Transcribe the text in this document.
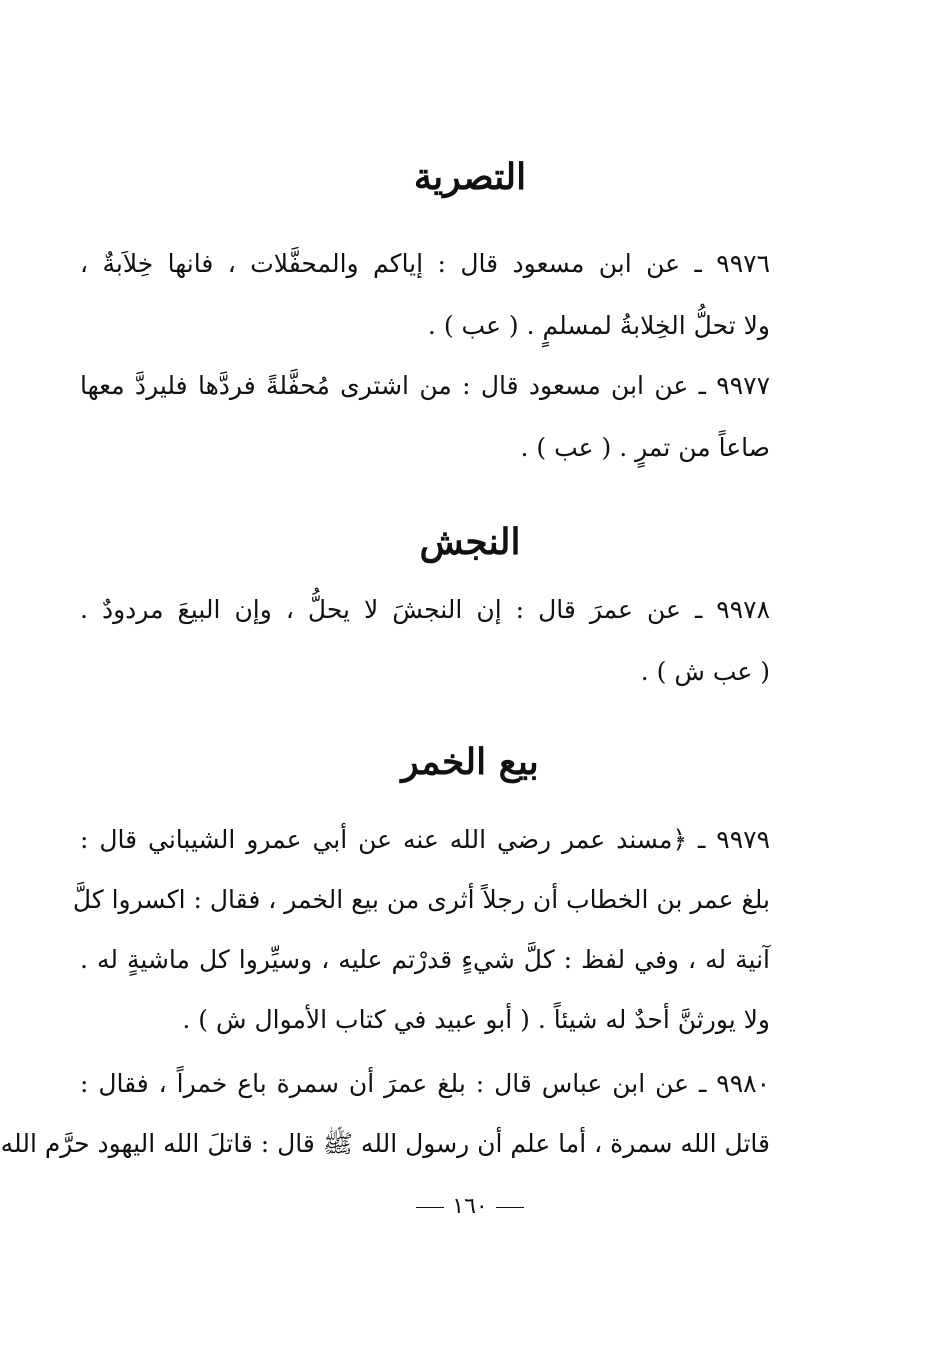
التصرية
٩٩٧٦ ـ عن ابن مسعود قال : إياكم والمحفَّلات ، فانها خِلاَبةٌ ،
ولا تحلُّ الخِلابةُ لمسلمٍ . ( عب ) .
٩٩٧٧ ـ عن ابن مسعود قال : من اشترى مُحفَّلةً فردَّها فليردَّ معها
صاعاً من تمرٍ . ( عب ) .
النجش
٩٩٧٨ ـ عن عمرَ قال : إن النجشَ لا يحلُّ ، وإن البيعَ مردودٌ .
( عب ش ) .
بيع الخمر
٩٩٧٩ ـ ﴿مسند عمر رضي الله عنه عن أبي عمرو الشيباني قال :
بلغ عمر بن الخطاب أن رجلاً أثرى من بيع الخمر ، فقال : اكسروا كلَّ
آنية له ، وفي لفظ : كلَّ شيءٍ قدرْتم عليه ، وسيِّروا كل ماشيةٍ له .
ولا يورثنَّ أحدٌ له شيئاً . ( أبو عبيد في كتاب الأموال ش ) .
٩٩٨٠ ـ عن ابن عباس قال : بلغ عمرَ أن سمرة باع خمراً ، فقال :
قاتل الله سمرة ، أما علم أن رسول الله ﷺ قال : قاتلَ الله اليهود حرَّم الله
١٦٠
